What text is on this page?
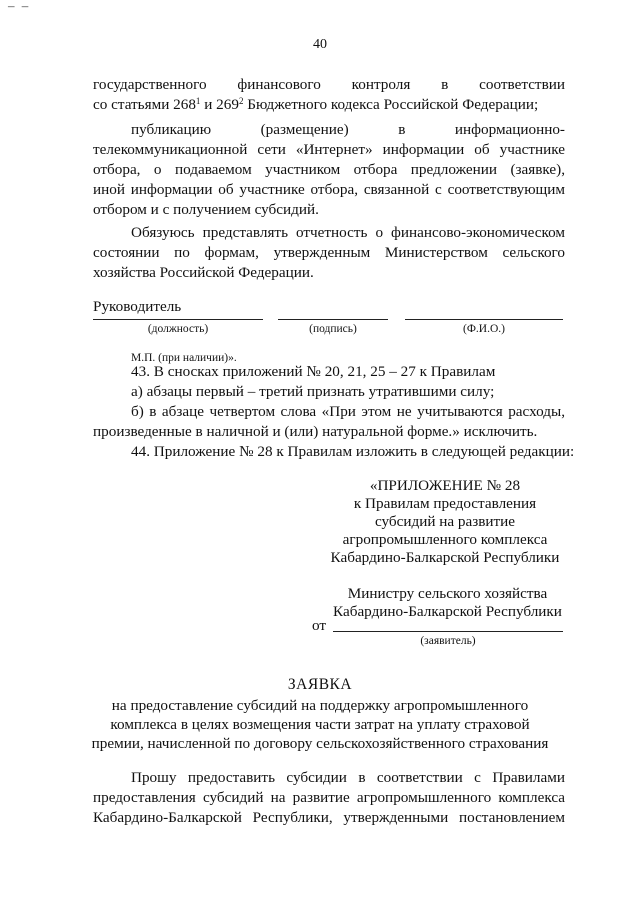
– –
40
государственного финансового контроля в соответствии
со статьями $268^1$ и $269^2$ Бюджетного кодекса Российской Федерации;
публикацию (размещение) в информационно-
телекоммуникационной сети «Интернет» информации об участнике
отбора, о подаваемом участником отбора предложении (заявке),
иной информации об участнике отбора, связанной с соответствующим
отбором и с получением субсидий.
Обязуюсь представлять отчетность о финансово-экономическом
состоянии по формам, утвержденным Министерством сельского
хозяйства Российской Федерации.
Руководитель
(должность)	(подпись)	(Ф.И.О.)
М.П. (при наличии)».
43. В сносках приложений № 20, 21, 25 – 27 к Правилам
а) абзацы первый – третий признать утратившими силу;
б) в абзаце четвертом слова «При этом не учитываются расходы,
произведенные в наличной и (или) натуральной форме.» исключить.
44. Приложение № 28 к Правилам изложить в следующей редакции:
«ПРИЛОЖЕНИЕ № 28
к Правилам предоставления
субсидий на развитие
агропромышленного комплекса
Кабардино-Балкарской Республики
Министру сельского хозяйства
Кабардино-Балкарской Республики
от
(заявитель)
ЗАЯВКА
на предоставление субсидий на поддержку агропромышленного
комплекса в целях возмещения части затрат на уплату страховой
премии, начисленной по договору сельскохозяйственного страхования
Прошу предоставить субсидии в соответствии с Правилами
предоставления субсидий на развитие агропромышленного комплекса
Кабардино-Балкарской Республики, утвержденными постановлением
